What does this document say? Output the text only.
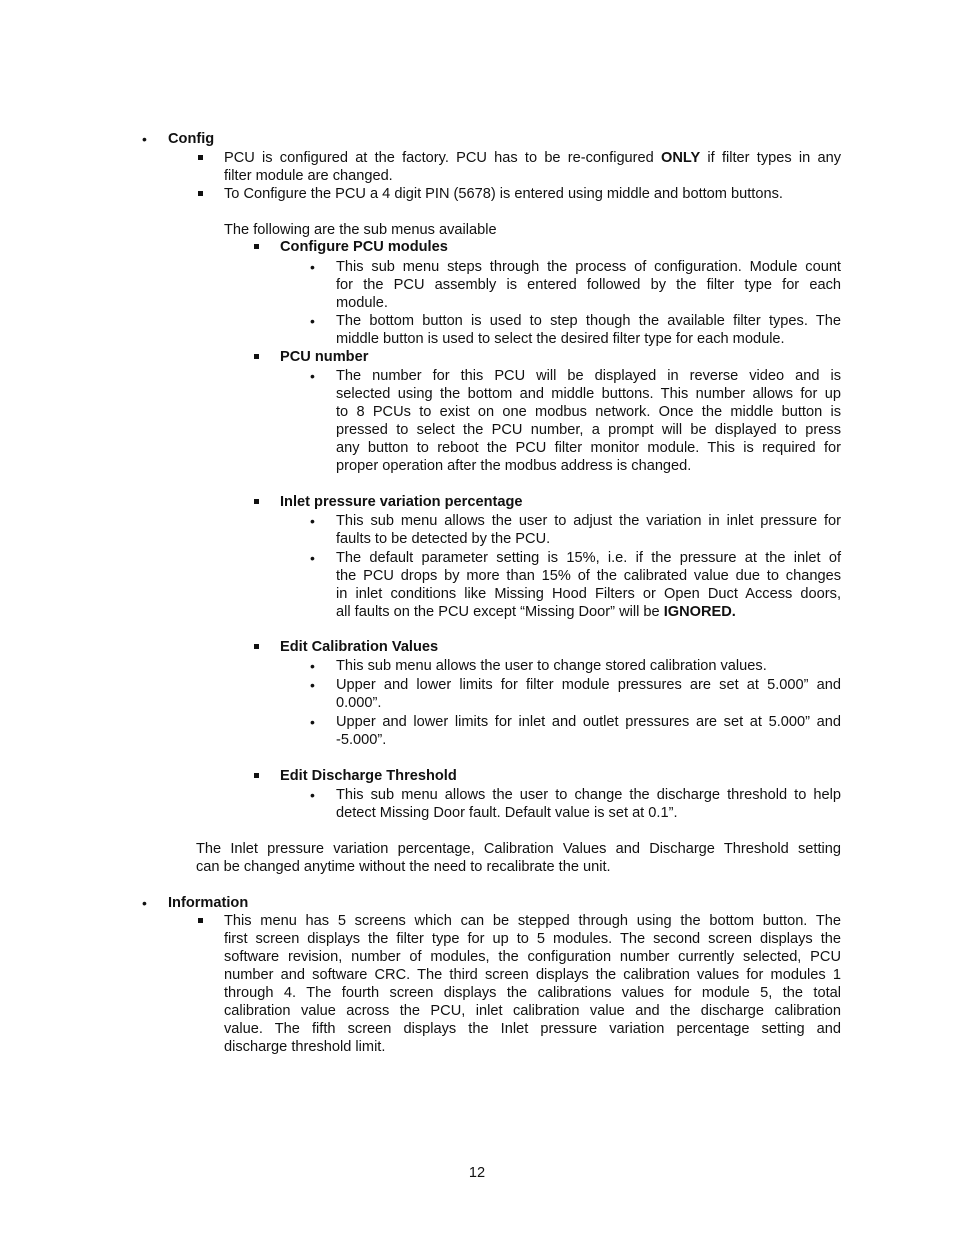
• Config
PCU is configured at the factory. PCU has to be re-configured ONLY if filter types in any
filter module are changed.
To Configure the PCU a 4 digit PIN (5678) is entered using middle and bottom buttons.
The following are the sub menus available
Configure PCU modules
• This sub menu steps through the process of configuration. Module count
for the PCU assembly is entered followed by the filter type for each
module.
• The bottom button is used to step though the available filter types. The
middle button is used to select the desired filter type for each module.
PCU number
• The number for this PCU will be displayed in reverse video and is
selected using the bottom and middle buttons. This number allows for up
to 8 PCUs to exist on one modbus network. Once the middle button is
pressed to select the PCU number, a prompt will be displayed to press
any button to reboot the PCU filter monitor module. This is required for
proper operation after the modbus address is changed.
Inlet pressure variation percentage
• This sub menu allows the user to adjust the variation in inlet pressure for
faults to be detected by the PCU.
• The default parameter setting is 15%, i.e. if the pressure at the inlet of
the PCU drops by more than 15% of the calibrated value due to changes
in inlet conditions like Missing Hood Filters or Open Duct Access doors,
all faults on the PCU except “Missing Door” will be IGNORED.
Edit Calibration Values
• This sub menu allows the user to change stored calibration values.
• Upper and lower limits for filter module pressures are set at 5.000” and
0.000”.
• Upper and lower limits for inlet and outlet pressures are set at 5.000” and
-5.000”.
Edit Discharge Threshold
• This sub menu allows the user to change the discharge threshold to help
detect Missing Door fault. Default value is set at 0.1”.
The Inlet pressure variation percentage, Calibration Values and Discharge Threshold setting
can be changed anytime without the need to recalibrate the unit.
• Information
This menu has 5 screens which can be stepped through using the bottom button. The
first screen displays the filter type for up to 5 modules. The second screen displays the
software revision, number of modules, the configuration number currently selected, PCU
number and software CRC. The third screen displays the calibration values for modules 1
through 4. The fourth screen displays the calibrations values for module 5, the total
calibration value across the PCU, inlet calibration value and the discharge calibration
value. The fifth screen displays the Inlet pressure variation percentage setting and
discharge threshold limit.
12
